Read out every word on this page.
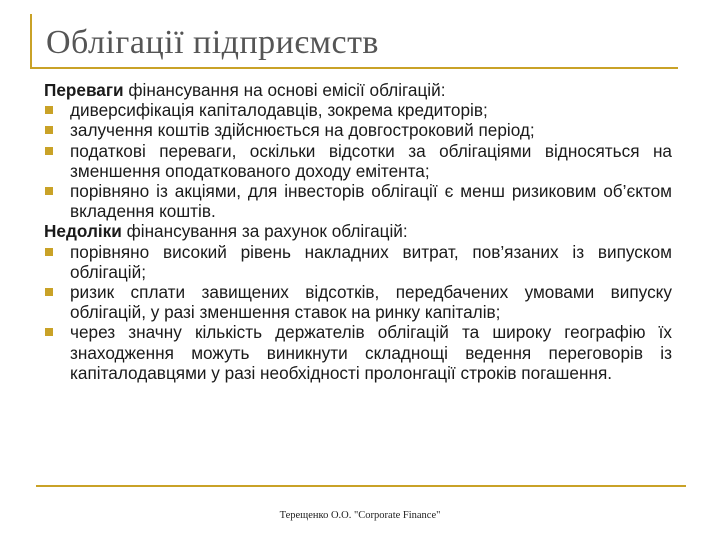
Облігації підприємств

Переваги фінансування на основі емісії облігацій:

диверсифікація капіталодавців, зокрема кредиторів;
залучення коштів здійснюється на довгостроковий період;
податкові переваги, оскільки відсотки за облігаціями відносяться на зменшення оподаткованого доходу емітента;
порівняно із акціями, для інвесторів облігації є менш ризиковим об’єктом вкладення коштів.

Недоліки фінансування за рахунок облігацій:

порівняно високий рівень накладних витрат, пов’язаних із випуском облігацій;
ризик сплати завищених відсотків, передбачених умовами випуску облігацій, у разі зменшення ставок на ринку капіталів;
через значну кількість держателів облігацій та широку географію їх знаходження можуть виникнути складнощі ведення переговорів із капіталодавцями у разі необхідності пролонгації строків погашення.
Терещенко О.О. "Corporate Finance"
